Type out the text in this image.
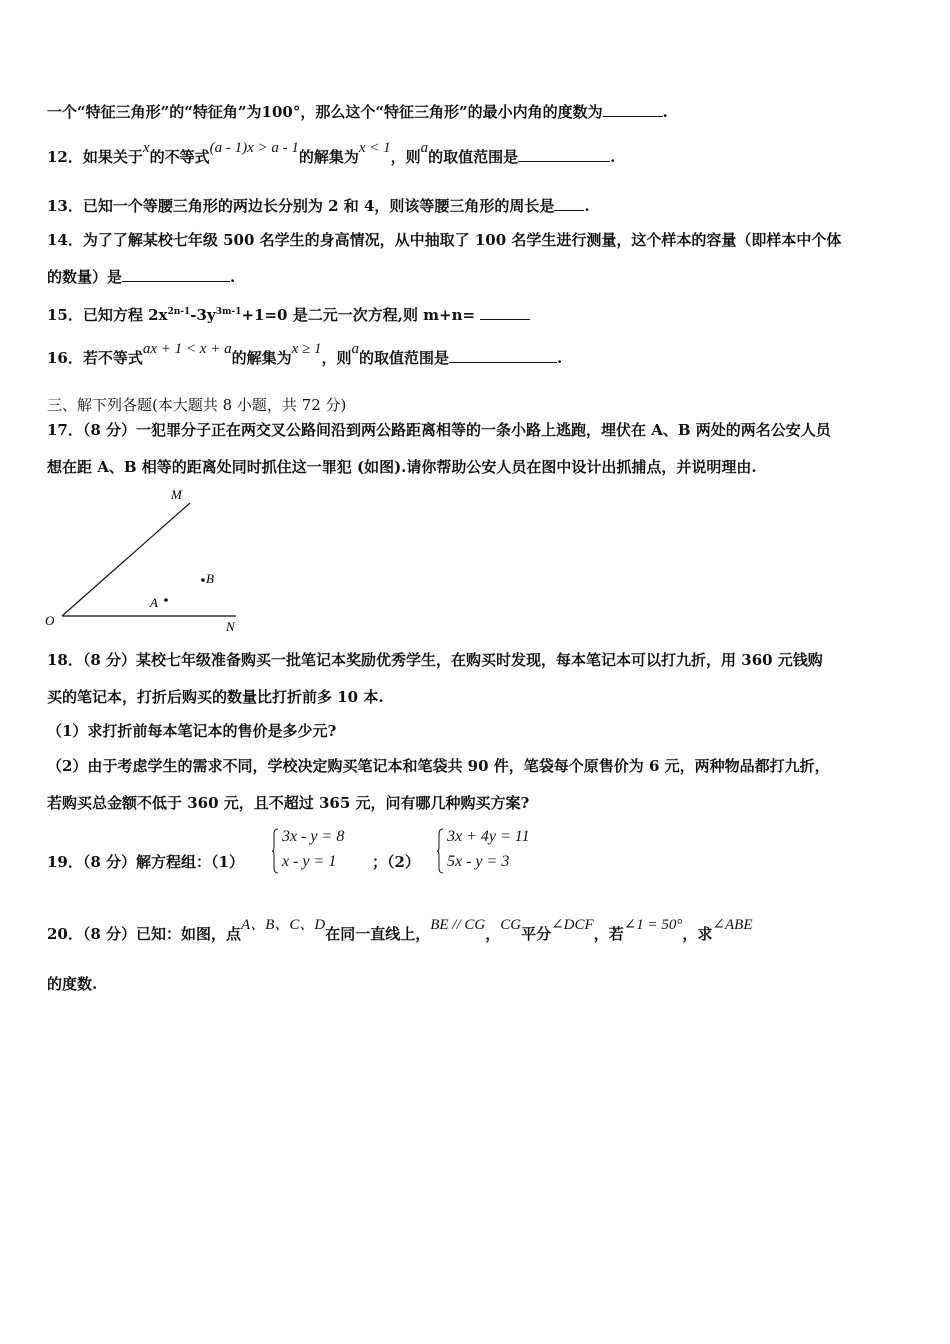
一个“特征三角形”的“特征角”为100°，那么这个“特征三角形”的最小内角的度数为	.
12．如果关于x的不等式(a - 1)x > a - 1的解集为x < 1，则a的取值范围是	.
13．已知一个等腰三角形的两边长分别为 2 和 4，则该等腰三角形的周长是 .
14．为了了解某校七年级 500 名学生的身高情况，从中抽取了 100 名学生进行测量，这个样本的容量（即样本中个体
的数量）是	.
15．已知方程 $2x^{2n-1}-3y^{3m-1}+1=0$ 是二元一次方程,则 m+n=
16．若不等式ax + 1 < x + a的解集为x ≥ 1，则a的取值范围是	.
三、解下列各题(本大题共 8 小题，共 72 分)
17．（8 分）一犯罪分子正在两交叉公路间沿到两公路距离相等的一条小路上逃跑，埋伏在 A、B 两处的两名公安人员
想在距 A、B 相等的距离处同时抓住这一罪犯 (如图).请你帮助公安人员在图中设计出抓捕点，并说明理由.
M
O	N
A
B
18．（8 分）某校七年级准备购买一批笔记本奖励优秀学生，在购买时发现，每本笔记本可以打九折，用 360 元钱购
买的笔记本，打折后购买的数量比打折前多 10 本.
（1）求打折前每本笔记本的售价是多少元?
（2）由于考虑学生的需求不同，学校决定购买笔记本和笔袋共 90 件，笔袋每个原售价为 6 元，两种物品都打九折，
若购买总金额不低于 360 元，且不超过 365 元，问有哪几种购买方案?
19．（8 分）解方程组：（1）
3x - y = 8
x - y = 1 ；（2）
3x + 4y = 11
5x - y = 3
20．（8 分）已知：如图，点A、B、C、D在同一直线上，BE // CG，CG平分∠DCF，若∠1 = 50°，求∠ABE
的度数.
